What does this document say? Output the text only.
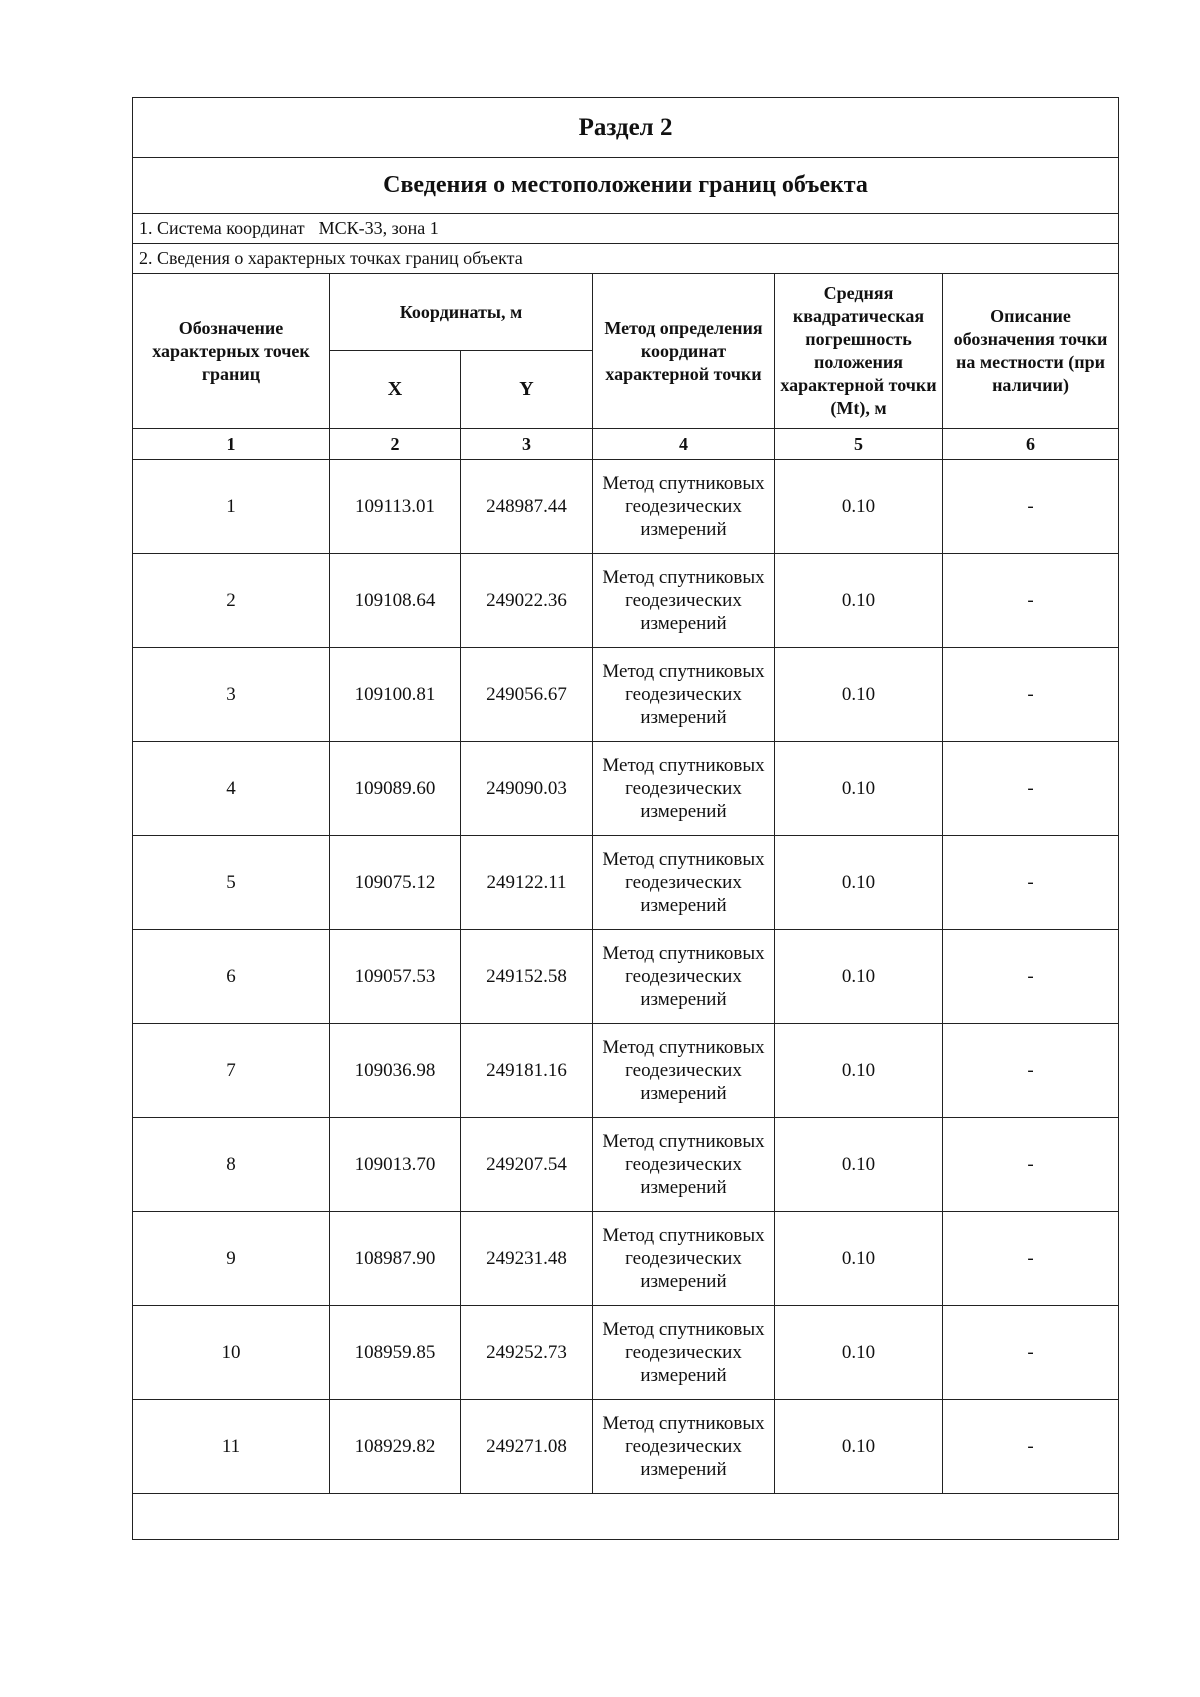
Раздел 2					
Сведения о местоположении границ объекта					
1. Система координат МСК-33, зона 1					
2. Сведения о характерных точках границ объекта					
Обозначение характерных точек границ	Координаты, м		Метод определения координат характерной точки	Средняя квадратическая погрешность положения характерной точки (Mt), м	Описание обозначения точки на местности (при наличии)
	X	Y			
1	2	3	4	5	6
1	109113.01	248987.44	Метод спутниковых геодезических измерений	0.10	-
2	109108.64	249022.36	Метод спутниковых геодезических измерений	0.10	-
3	109100.81	249056.67	Метод спутниковых геодезических измерений	0.10	-
4	109089.60	249090.03	Метод спутниковых геодезических измерений	0.10	-
5	109075.12	249122.11	Метод спутниковых геодезических измерений	0.10	-
6	109057.53	249152.58	Метод спутниковых геодезических измерений	0.10	-
7	109036.98	249181.16	Метод спутниковых геодезических измерений	0.10	-
8	109013.70	249207.54	Метод спутниковых геодезических измерений	0.10	-
9	108987.90	249231.48	Метод спутниковых геодезических измерений	0.10	-
10	108959.85	249252.73	Метод спутниковых геодезических измерений	0.10	-
11	108929.82	249271.08	Метод спутниковых геодезических измерений	0.10	-
